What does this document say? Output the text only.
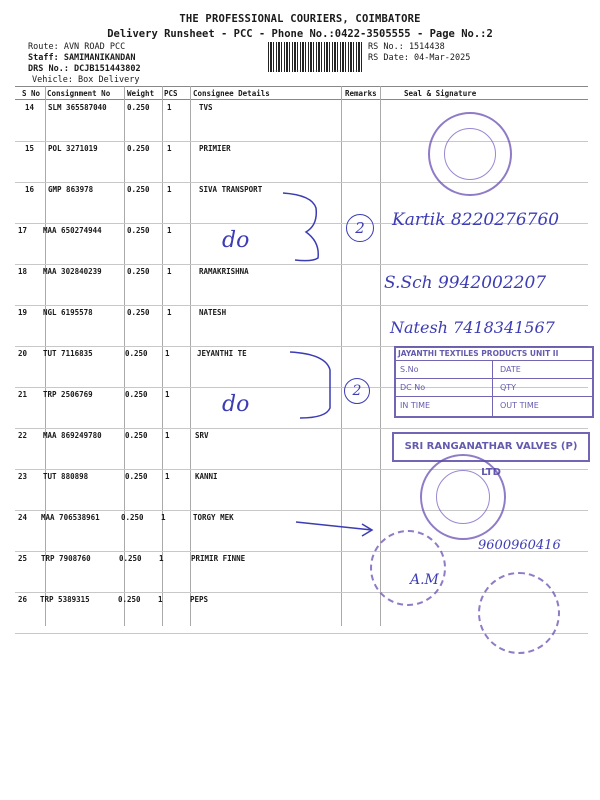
THE PROFESSIONAL COURIERS, COIMBATORE
Delivery Runsheet - PCC - Phone No.:0422-3505555 - Page No.:2
Route: AVN ROAD PCC
Staff: SAMIMANIKANDAN
DRS No.: DCJB151443802
Vehicle: Box Delivery
RS No.: 1514438
RS Date: 04-Mar-2025
S No Consignment No Weight PCS Consignee Details	Remarks	Seal & Signature
14 SLM 365587040	0.250 1	TVS
15 POL 3271019	0.250 1	PRIMIER
16 GMP 863978	0.250 1	SIVA TRANSPORT
17 MAA 650274944	0.250 1
18 MAA 302840239	0.250 1	RAMAKRISHNA
19 NGL 6195578	0.250 1	NATESH
20 TUT 7116835	0.250 1	JEYANTHI TE
21 TRP 2506769	0.250 1
22 MAA 869249780	0.250 1	SRV
23 TUT 880898	0.250 1	KANNI
24 MAA 706538961	0.250 1	TORGY MEK
25 TRP 7908760	0.250 1	PRIMIR FINNE
26 TRP 5389315	0.250 1	PEPS
JAYANTHI TEXTILES PRODUCTS UNIT II
S.No	DATE
DC No	QTY
IN TIME	OUT TIME
SRI RANGANATHAR VALVES (P) LTD
do
do
2
2
Kartik 8220276760
S.Sch 9942002207
Natesh 7418341567
9600960416
A.M
